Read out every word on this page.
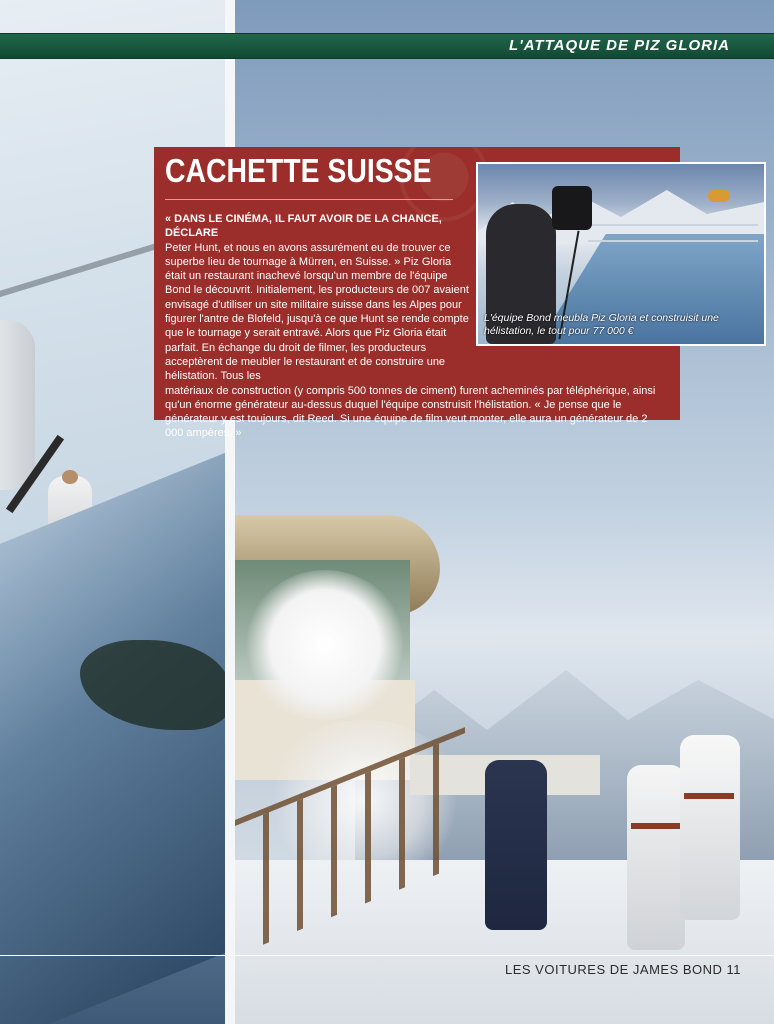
L'ATTAQUE DE PIZ GLORIA
CACHETTE SUISSE
« DANS LE CINÉMA, IL FAUT AVOIR DE LA CHANCE, DÉCLARE
Peter Hunt, et nous en avons assurément eu de trouver ce superbe lieu de tournage à Mürren, en Suisse. » Piz Gloria était un restaurant inachevé lorsqu'un membre de l'équipe Bond le découvrit. Initialement, les producteurs de 007 avaient envisagé d'utiliser un site militaire suisse dans les Alpes pour figurer l'antre de Blofeld, jusqu'à ce que Hunt se rende compte que le tournage y serait entravé. Alors que Piz Gloria était parfait. En échange du droit de filmer, les producteurs acceptèrent de meubler le restaurant et de construire une hélistation. Tous les
matériaux de construction (y compris 500 tonnes de ciment) furent acheminés par téléphérique, ainsi qu'un énorme générateur au-dessus duquel l'équipe construisit l'hélistation. « Je pense que le générateur y est toujours, dit Reed. Si une équipe de film veut monter, elle aura un générateur de 2 000 ampères. »
L'équipe Bond meubla Piz Gloria et construisit une hélistation, le tout pour 77 000 €
LES VOITURES DE JAMES BOND 11
